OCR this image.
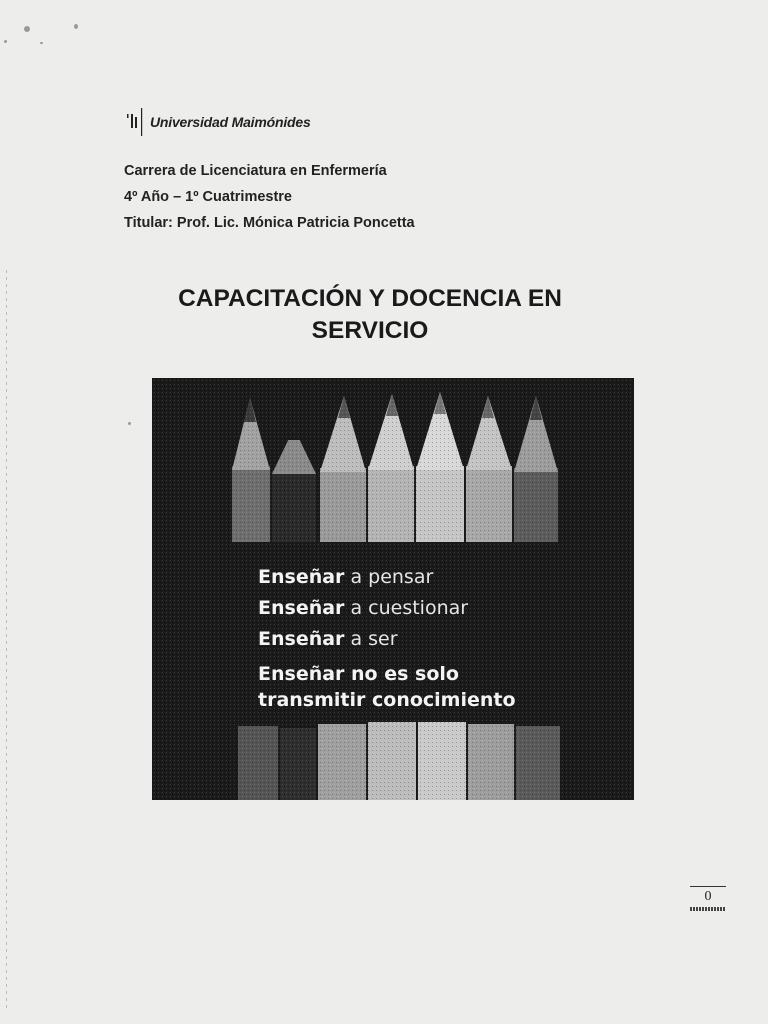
Universidad Maimónides
Carrera de Licenciatura en Enfermería
4º Año – 1º Cuatrimestre
Titular: Prof. Lic. Mónica Patricia Poncetta
CAPACITACIÓN Y DOCENCIA EN
SERVICIO
Enseñar a pensar
Enseñar a cuestionar
Enseñar a ser
Enseñar no es solo
transmitir conocimiento
0
